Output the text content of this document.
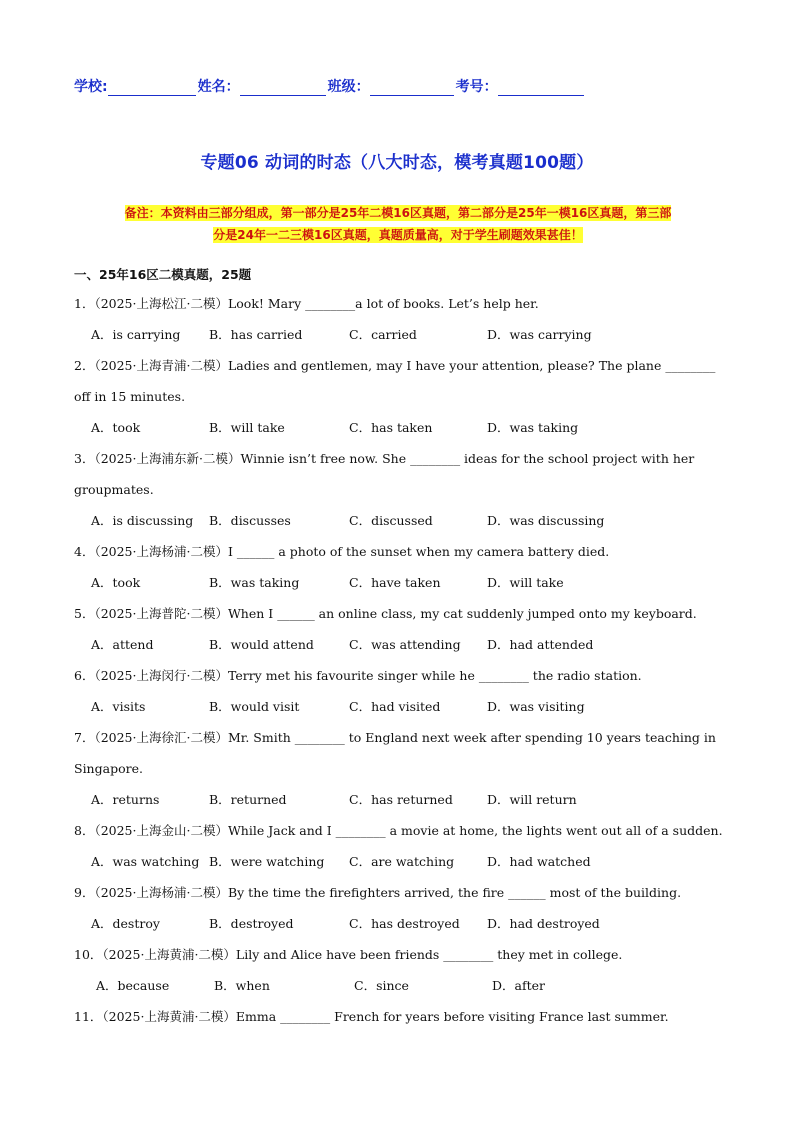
学校:	姓名：	班级：	考号：
专题06 动词的时态（八大时态，模考真题100题）
备注：本资料由三部分组成，第一部分是25年二模16区真题，第二部分是25年一模16区真题，第三部
分是24年一二三模16区真题，真题质量高，对于学生刷题效果甚佳！
一、25年16区二模真题，25题
1．（2025·上海松江·二模）Look! Mary ________a lot of books. Let’s help her.
A．is carrying	B．has carried	C．carried	D．was carrying
2．（2025·上海青浦·二模）Ladies and gentlemen, may I have your attention, please? The plane ________ off in 15 minutes.
A．took	B．will take	C．has taken	D．was taking
3．（2025·上海浦东新·二模）Winnie isn’t free now. She ________ ideas for the school project with her groupmates.
A．is discussing	B．discusses	C．discussed	D．was discussing
4．（2025·上海杨浦·二模）I ______ a photo of the sunset when my camera battery died.
A．took	B．was taking	C．have taken	D．will take
5．（2025·上海普陀·二模）When I ______ an online class, my cat suddenly jumped onto my keyboard.
A．attend	B．would attend	C．was attending	D．had attended
6．（2025·上海闵行·二模）Terry met his favourite singer while he ________ the radio station.
A．visits	B．would visit	C．had visited	D．was visiting
7．（2025·上海徐汇·二模）Mr. Smith ________ to England next week after spending 10 years teaching in Singapore.
A．returns	B．returned	C．has returned	D．will return
8．（2025·上海金山·二模）While Jack and I ________ a movie at home, the lights went out all of a sudden.
A．was watching B．were watching	C．are watching	D．had watched
9．（2025·上海杨浦·二模）By the time the firefighters arrived, the fire ______ most of the building.
A．destroy	B．destroyed	C．has destroyed	D．had destroyed
10．（2025·上海黄浦·二模）Lily and Alice have been friends ________ they met in college.
A．because	B．when	C．since	D．after
11．（2025·上海黄浦·二模）Emma ________ French for years before visiting France last summer.
